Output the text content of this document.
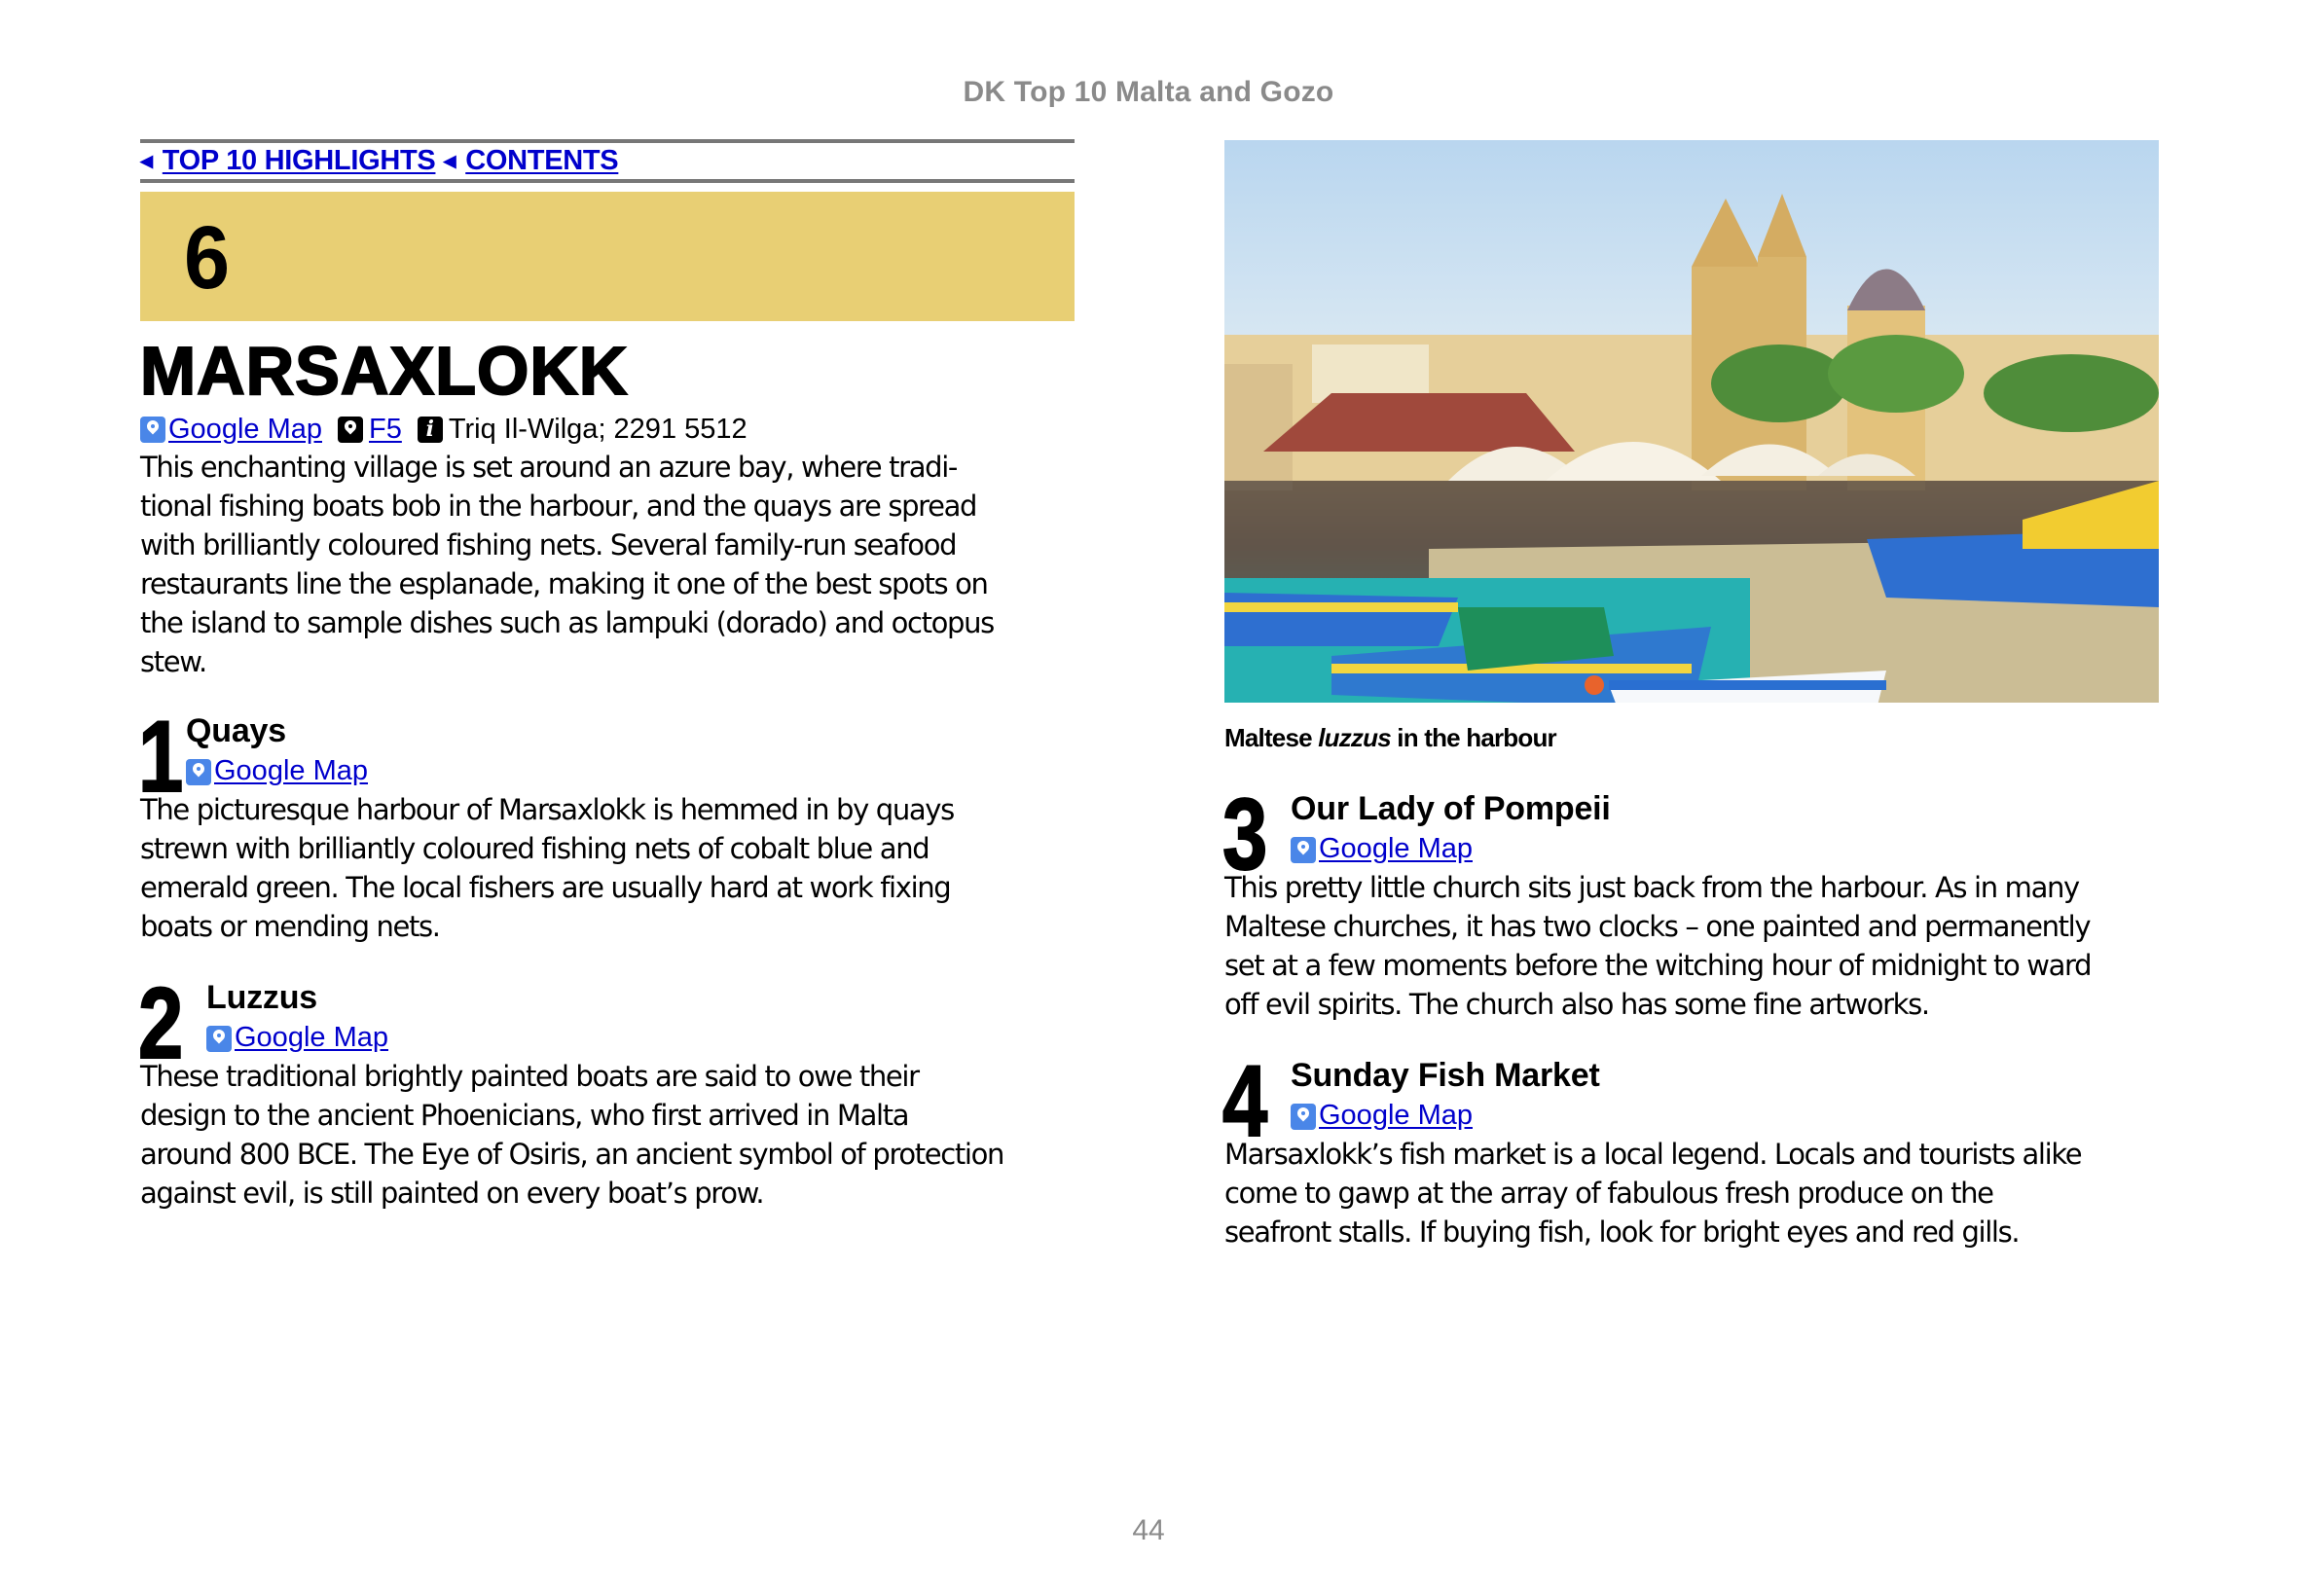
DK Top 10 Malta and Gozo
◀ TOP 10 HIGHLIGHTS ◀ CONTENTS
6
MARSAXLOKK
Google Map F5	i Triq Il-Wilga; 2291 5512
This enchanting village is set around an azure bay, where tradi-
tional fishing boats bob in the harbour, and the quays are spread
with brilliantly coloured fishing nets. Several family-run seafood
restaurants line the esplanade, making it one of the best spots on
the island to sample dishes such as lampuki (dorado) and octopus
stew.
1 Quays
Google Map
The picturesque harbour of Marsaxlokk is hemmed in by quays
strewn with brilliantly coloured fishing nets of cobalt blue and
emerald green. The local fishers are usually hard at work fixing
boats or mending nets.
2 Luzzus
Google Map
These traditional brightly painted boats are said to owe their
design to the ancient Phoenicians, who first arrived in Malta
around 800 BCE. The Eye of Osiris, an ancient symbol of protection
against evil, is still painted on every boat’s prow.
Maltese luzzus in the harbour
3 Our Lady of Pompeii
Google Map
This pretty little church sits just back from the harbour. As in many
Maltese churches, it has two clocks – one painted and permanently
set at a few moments before the witching hour of midnight to ward
off evil spirits. The church also has some fine artworks.
4 Sunday Fish Market
Google Map
Marsaxlokk’s fish market is a local legend. Locals and tourists alike
come to gawp at the array of fabulous fresh produce on the
seafront stalls. If buying fish, look for bright eyes and red gills.
44
